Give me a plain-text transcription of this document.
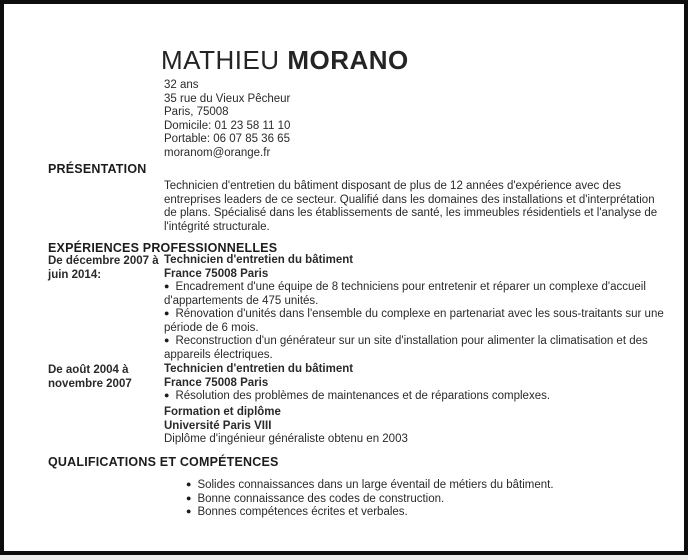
MATHIEU MORANO
32 ans
35 rue du Vieux Pêcheur
Paris, 75008
Domicile: 01 23 58 11 10
Portable: 06 07 85 36 65
moranom@orange.fr
PRÉSENTATION
Technicien d'entretien du bâtiment disposant de plus de 12 années d'expérience avec des entreprises leaders de ce secteur. Qualifié dans les domaines des installations et d'interprétation de plans. Spécialisé dans les établissements de santé, les immeubles résidentiels et l'analyse de l'intégrité structurale.
EXPÉRIENCES PROFESSIONNELLES
De décembre 2007 à
juin 2014:
Technicien d'entretien du bâtiment
France 75008 Paris
● Encadrement d'une équipe de 8 techniciens pour entretenir et réparer un complexe d'accueil d'appartements de 475 unités.
● Rénovation d'unités dans l'ensemble du complexe en partenariat avec les sous-traitants sur une période de 6 mois.
● Reconstruction d'un générateur sur un site d'installation pour alimenter la climatisation et des appareils électriques.
De août 2004 à
novembre 2007
Technicien d'entretien du bâtiment
France 75008 Paris
● Résolution des problèmes de maintenances et de réparations complexes.
Formation et diplôme
Université Paris VIII
Diplôme d'ingénieur généraliste obtenu en 2003
QUALIFICATIONS ET COMPÉTENCES
● Solides connaissances dans un large éventail de métiers du bâtiment.
● Bonne connaissance des codes de construction.
● Bonnes compétences écrites et verbales.
